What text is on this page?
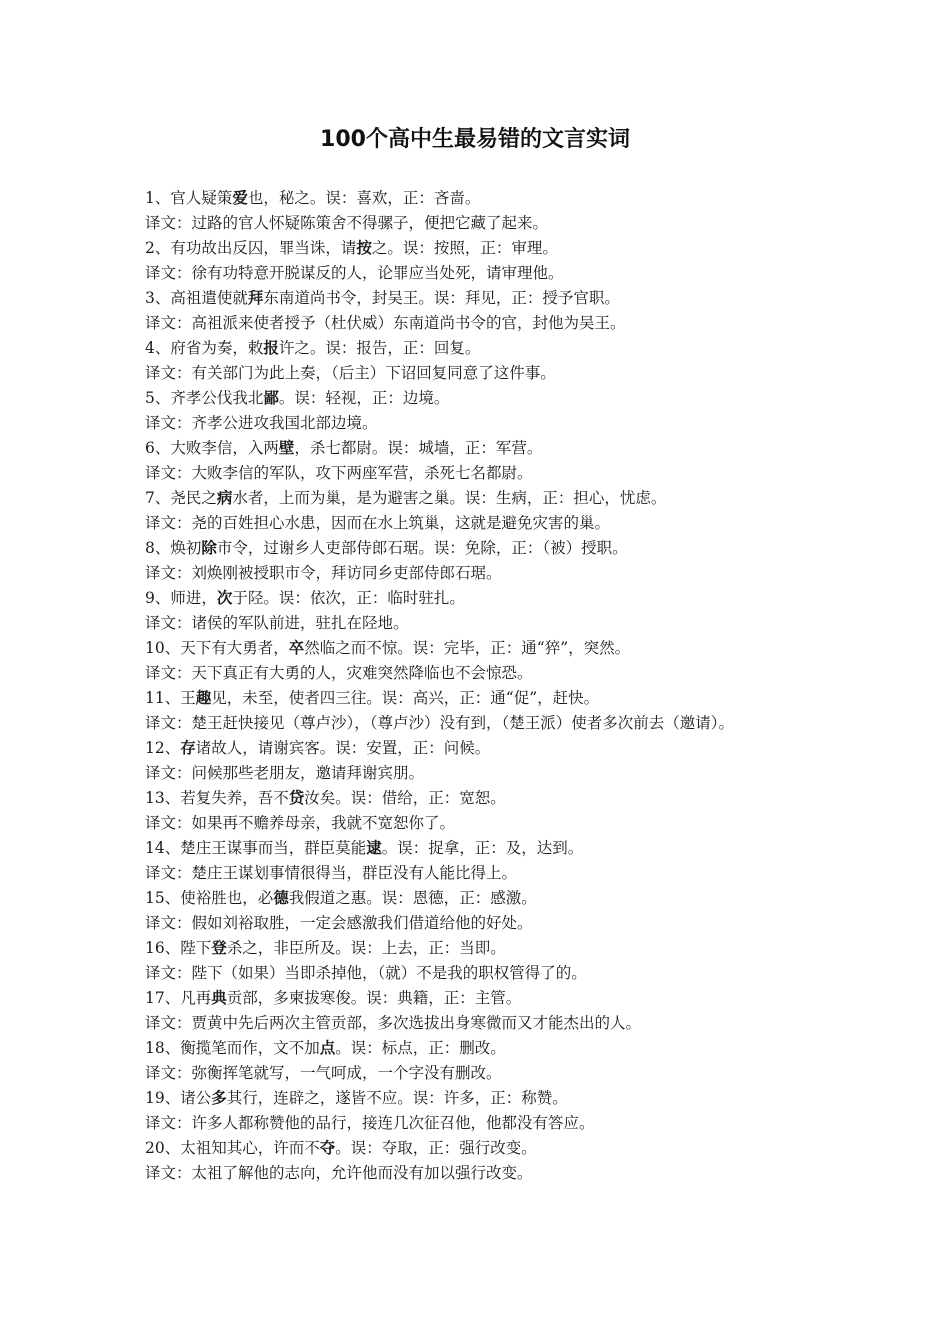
100个高中生最易错的文言实词
1、官人疑策爱也，秘之。误：喜欢，正：吝啬。
译文：过路的官人怀疑陈策舍不得骡子，便把它藏了起来。
2、有功故出反囚，罪当诛，请按之。误：按照，正：审理。
译文：徐有功特意开脱谋反的人，论罪应当处死，请审理他。
3、高祖遣使就拜东南道尚书令，封吴王。误：拜见，正：授予官职。
译文：高祖派来使者授予（杜伏威）东南道尚书令的官，封他为吴王。
4、府省为奏，敕报许之。误：报告，正：回复。
译文：有关部门为此上奏，（后主）下诏回复同意了这件事。
5、齐孝公伐我北鄙。误：轻视，正：边境。
译文：齐孝公进攻我国北部边境。
6、大败李信，入两壁，杀七都尉。误：城墙，正：军营。
译文：大败李信的军队，攻下两座军营，杀死七名都尉。
7、尧民之病水者，上而为巢，是为避害之巢。误：生病，正：担心，忧虑。
译文：尧的百姓担心水患，因而在水上筑巢，这就是避免灾害的巢。
8、焕初除市令，过谢乡人吏部侍郎石琚。误：免除，正：（被）授职。
译文：刘焕刚被授职市令，拜访同乡吏部侍郎石琚。
9、师进，次于陉。误：依次，正：临时驻扎。
译文：诸侯的军队前进，驻扎在陉地。
10、天下有大勇者，卒然临之而不惊。误：完毕，正：通“猝”，突然。
译文：天下真正有大勇的人，灾难突然降临也不会惊恐。
11、王趣见，未至，使者四三往。误：高兴，正：通“促”，赶快。
译文：楚王赶快接见（尊卢沙），（尊卢沙）没有到，（楚王派）使者多次前去（邀请）。
12、存诸故人，请谢宾客。误：安置，正：问候。
译文：问候那些老朋友，邀请拜谢宾朋。
13、若复失养，吾不贷汝矣。误：借给，正：宽恕。
译文：如果再不赡养母亲，我就不宽恕你了。
14、楚庄王谋事而当，群臣莫能逮。误：捉拿，正：及，达到。
译文：楚庄王谋划事情很得当，群臣没有人能比得上。
15、使裕胜也，必德我假道之惠。误：恩德，正：感激。
译文：假如刘裕取胜，一定会感激我们借道给他的好处。
16、陛下登杀之，非臣所及。误：上去，正：当即。
译文：陛下（如果）当即杀掉他，（就）不是我的职权管得了的。
17、凡再典贡部，多柬拔寒俊。误：典籍，正：主管。
译文：贾黄中先后两次主管贡部，多次选拔出身寒微而又才能杰出的人。
18、衡揽笔而作，文不加点。误：标点，正：删改。
译文：弥衡挥笔就写，一气呵成，一个字没有删改。
19、诸公多其行，连辟之，遂皆不应。误：许多，正：称赞。
译文：许多人都称赞他的品行，接连几次征召他，他都没有答应。
20、太祖知其心，许而不夺。误：夺取，正：强行改变。
译文：太祖了解他的志向，允许他而没有加以强行改变。
